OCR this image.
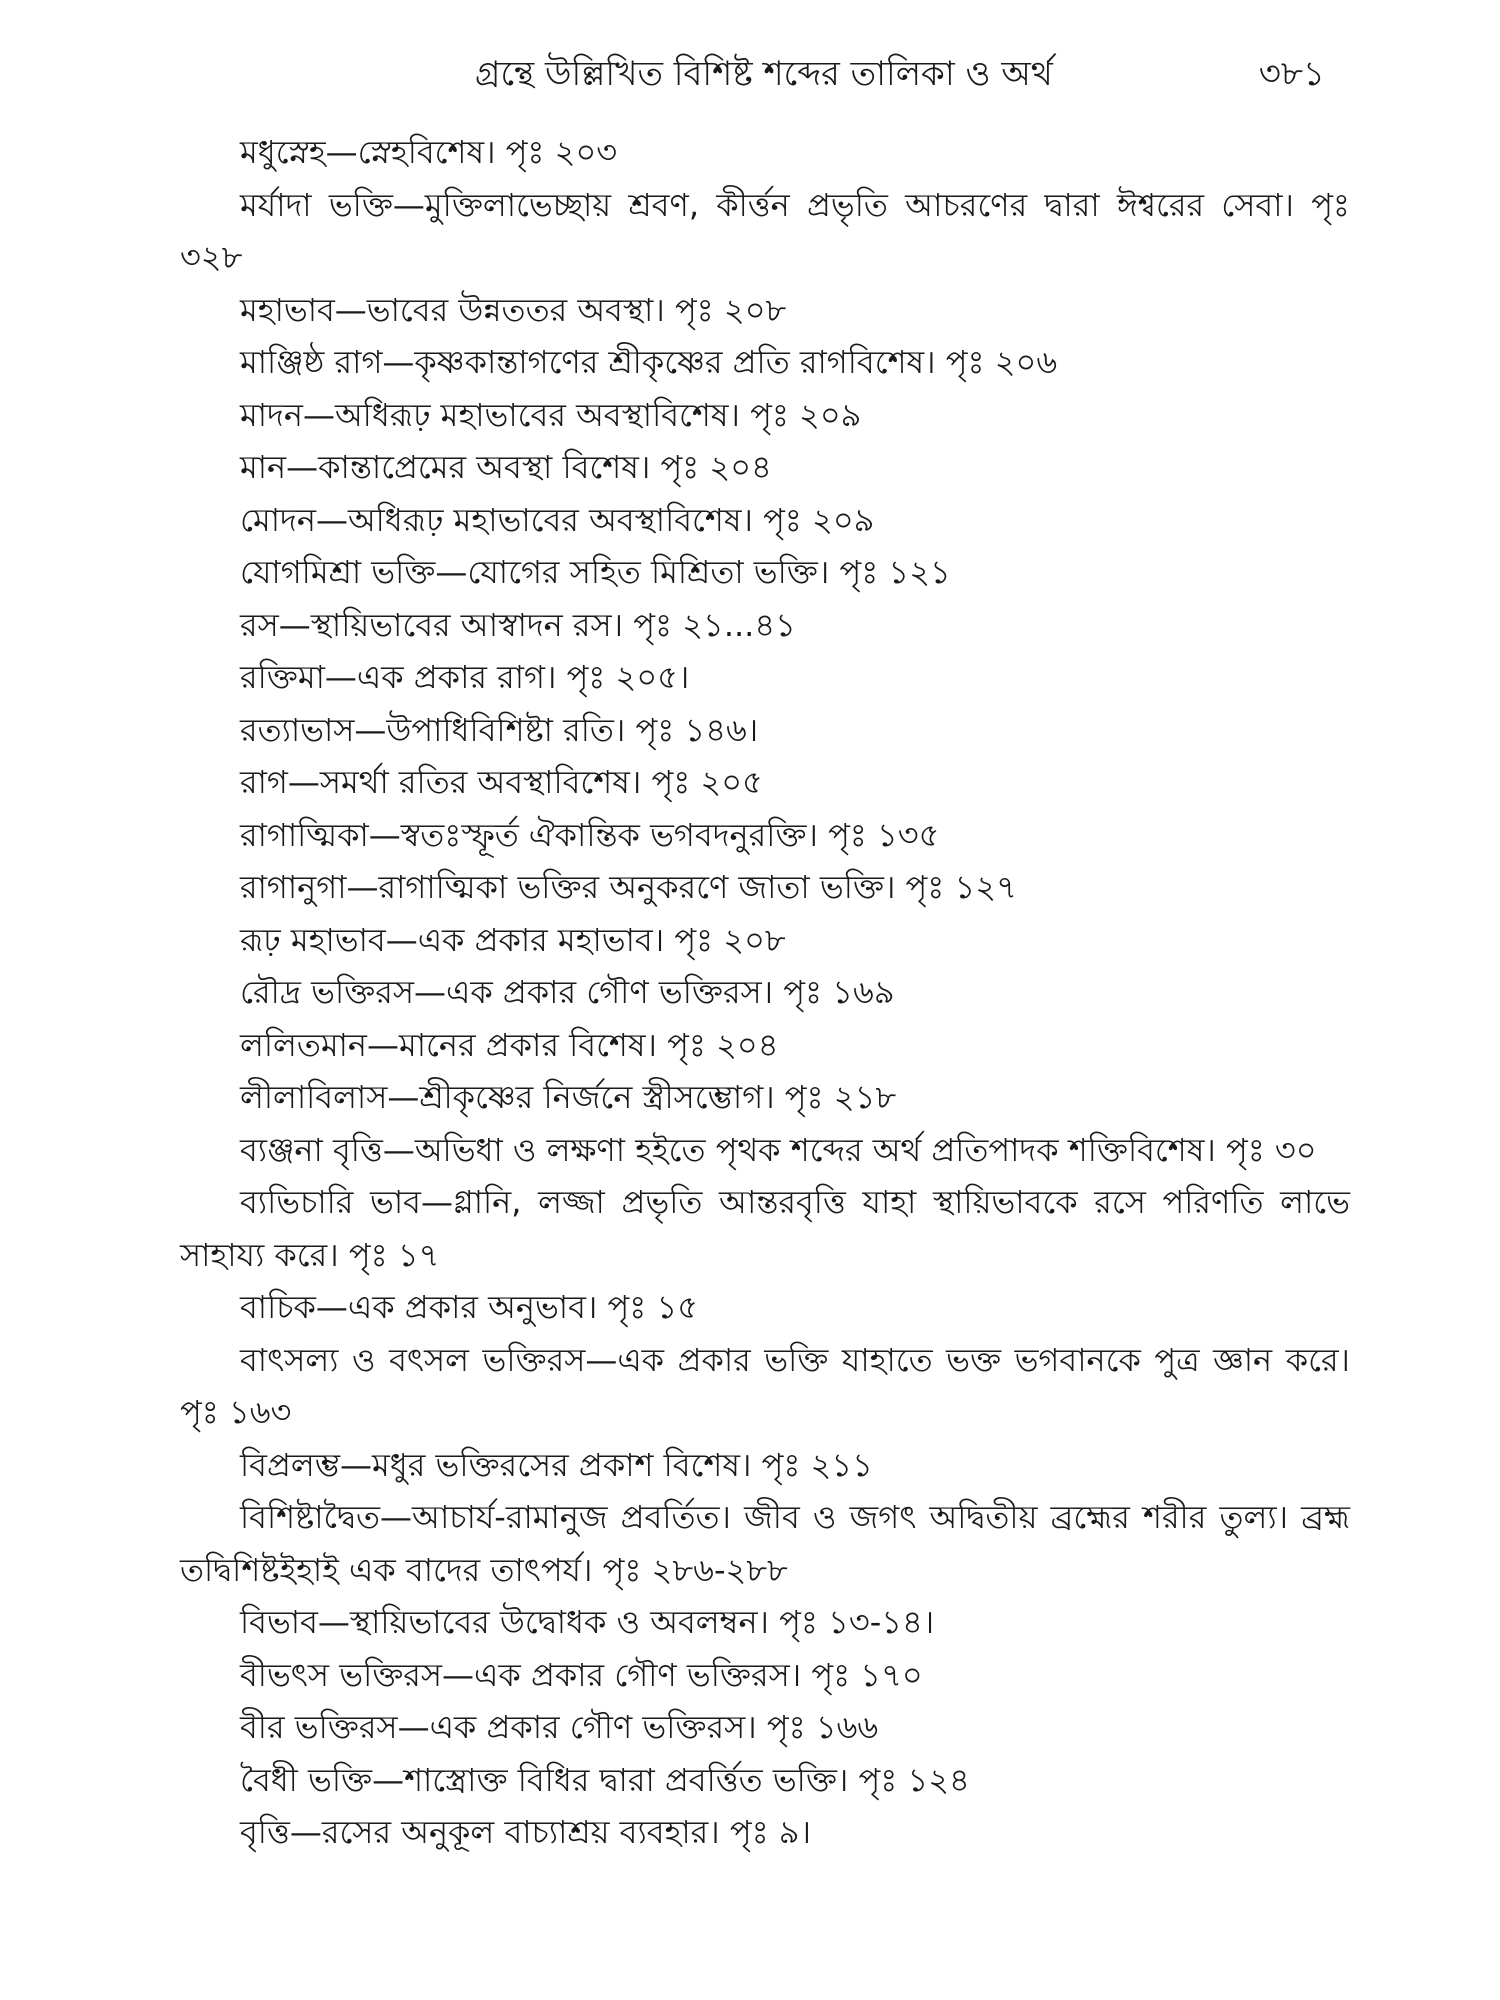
গ্রন্থে উল্লিখিত বিশিষ্ট শব্দের তালিকা ও অর্থ	৩৮১

মধুস্নেহ—স্নেহবিশেষ। পৃঃ ২০৩

মর্যাদা ভক্তি—মুক্তিলাভেচ্ছায় শ্রবণ, কীর্ত্তন প্রভৃতি আচরণের দ্বারা ঈশ্বরের সেবা। পৃঃ ৩২৮

মহাভাব—ভাবের উন্নততর অবস্থা। পৃঃ ২০৮

মাঞ্জিষ্ঠ রাগ—কৃষ্ণকান্তাগণের শ্রীকৃষ্ণের প্রতি রাগবিশেষ। পৃঃ ২০৬

মাদন—অধিরূঢ় মহাভাবের অবস্থাবিশেষ। পৃঃ ২০৯

মান—কান্তাপ্রেমের অবস্থা বিশেষ। পৃঃ ২০৪

মোদন—অধিরূঢ় মহাভাবের অবস্থাবিশেষ। পৃঃ ২০৯

যোগমিশ্রা ভক্তি—যোগের সহিত মিশ্রিতা ভক্তি। পৃঃ ১২১

রস—স্থায়িভাবের আস্বাদন রস। পৃঃ ২১...৪১

রক্তিমা—এক প্রকার রাগ। পৃঃ ২০৫।

রত্যাভাস—উপাধিবিশিষ্টা রতি। পৃঃ ১৪৬।

রাগ—সমর্থা রতির অবস্থাবিশেষ। পৃঃ ২০৫

রাগাত্মিকা—স্বতঃস্ফূর্ত ঐকান্তিক ভগবদনুরক্তি। পৃঃ ১৩৫

রাগানুগা—রাগাত্মিকা ভক্তির অনুকরণে জাতা ভক্তি। পৃঃ ১২৭

রূঢ় মহাভাব—এক প্রকার মহাভাব। পৃঃ ২০৮

রৌদ্র ভক্তিরস—এক প্রকার গৌণ ভক্তিরস। পৃঃ ১৬৯

ললিতমান—মানের প্রকার বিশেষ। পৃঃ ২০৪

লীলাবিলাস—শ্রীকৃষ্ণের নির্জনে স্ত্রীসম্ভোগ। পৃঃ ২১৮

ব্যঞ্জনা বৃত্তি—অভিধা ও লক্ষণা হইতে পৃথক শব্দের অর্থ প্রতিপাদক শক্তিবিশেষ। পৃঃ ৩০

ব্যভিচারি ভাব—গ্লানি, লজ্জা প্রভৃতি আন্তরবৃত্তি যাহা স্থায়িভাবকে রসে পরিণতি লাভে সাহায্য করে। পৃঃ ১৭

বাচিক—এক প্রকার অনুভাব। পৃঃ ১৫

বাৎসল্য ও বৎসল ভক্তিরস—এক প্রকার ভক্তি যাহাতে ভক্ত ভগবানকে পুত্র জ্ঞান করে। পৃঃ ১৬৩

বিপ্রলম্ভ—মধুর ভক্তিরসের প্রকাশ বিশেষ। পৃঃ ২১১

বিশিষ্টাদ্বৈত—আচার্য-রামানুজ প্রবর্তিত। জীব ও জগৎ অদ্বিতীয় ব্রহ্মের শরীর তুল্য। ব্রহ্ম তদ্বিশিষ্টইহাই এক বাদের তাৎপর্য। পৃঃ ২৮৬-২৮৮

বিভাব—স্থায়িভাবের উদ্বোধক ও অবলম্বন। পৃঃ ১৩-১৪।

বীভৎস ভক্তিরস—এক প্রকার গৌণ ভক্তিরস। পৃঃ ১৭০

বীর ভক্তিরস—এক প্রকার গৌণ ভক্তিরস। পৃঃ ১৬৬

বৈধী ভক্তি—শাস্ত্রোক্ত বিধির দ্বারা প্রবর্ত্তিত ভক্তি। পৃঃ ১২৪

বৃত্তি—রসের অনুকূল বাচ্যাশ্রয় ব্যবহার। পৃঃ ৯।
